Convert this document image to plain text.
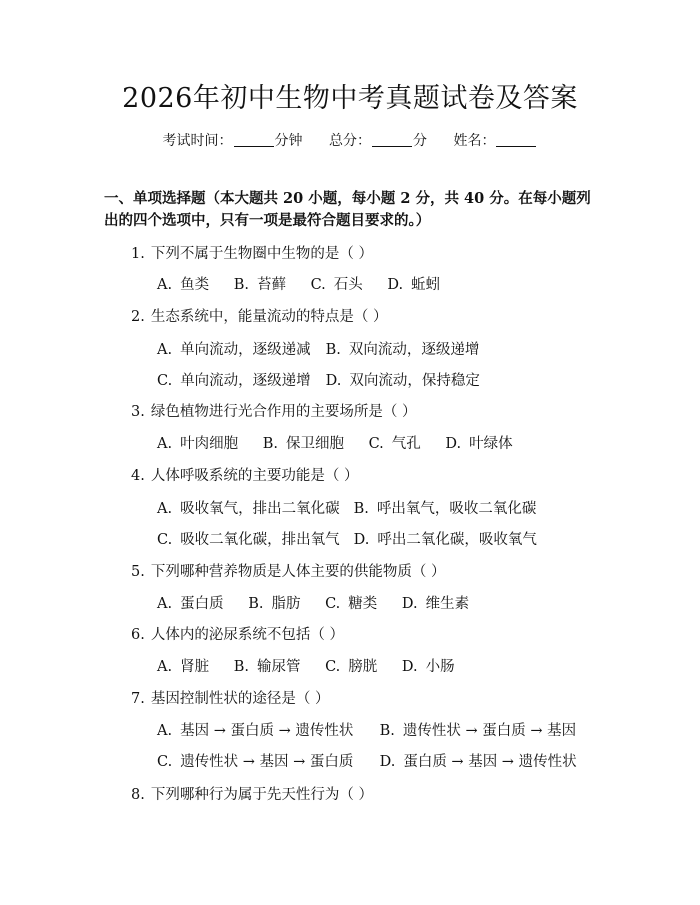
2026年初中生物中考真题试卷及答案
考试时间：	分钟 总分：	分 姓名：
一、单项选择题（本大题共 20 小题，每小题 2 分，共 40 分。在每小题列出的四个选项中，只有一项是最符合题目要求的。）
1. 下列不属于生物圈中生物的是（ ）
A. 鱼类 B. 苔藓 C. 石头 D. 蚯蚓
2. 生态系统中，能量流动的特点是（ ）
A. 单向流动，逐级递减 B. 双向流动，逐级递增
C. 单向流动，逐级递增 D. 双向流动，保持稳定
3. 绿色植物进行光合作用的主要场所是（ ）
A. 叶肉细胞 B. 保卫细胞 C. 气孔 D. 叶绿体
4. 人体呼吸系统的主要功能是（ ）
A. 吸收氧气，排出二氧化碳 B. 呼出氧气，吸收二氧化碳
C. 吸收二氧化碳，排出氧气 D. 呼出二氧化碳，吸收氧气
5. 下列哪种营养物质是人体主要的供能物质（ ）
A. 蛋白质 B. 脂肪 C. 糖类 D. 维生素
6. 人体内的泌尿系统不包括（ ）
A. 肾脏 B. 输尿管 C. 膀胱 D. 小肠
7. 基因控制性状的途径是（ ）
A. 基因 → 蛋白质 → 遗传性状 B. 遗传性状 → 蛋白质 → 基因
C. 遗传性状 → 基因 → 蛋白质 D. 蛋白质 → 基因 → 遗传性状
8. 下列哪种行为属于先天性行为（ ）
